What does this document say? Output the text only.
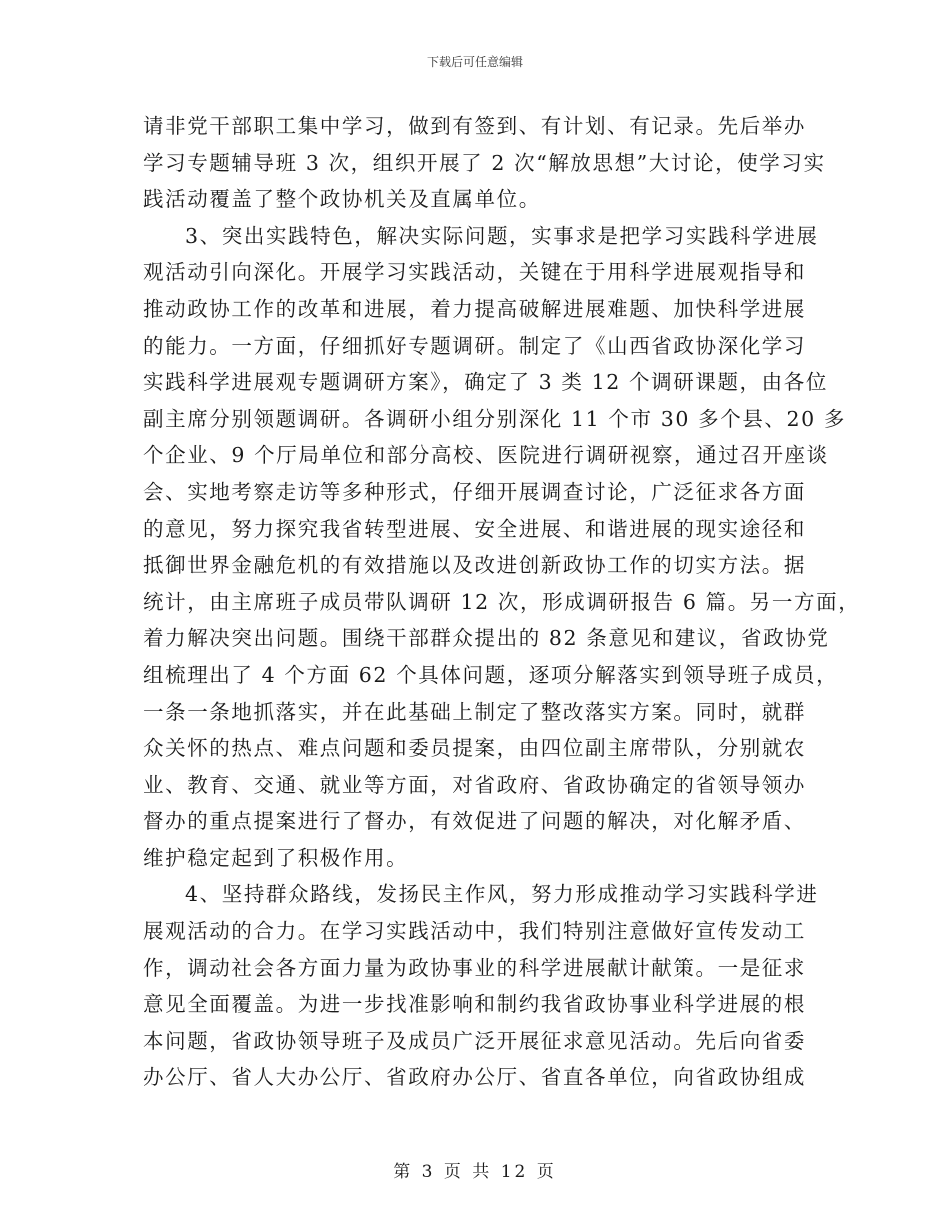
下载后可任意编辑
请非党干部职工集中学习，做到有签到、有计划、有记录。先后举办
学习专题辅导班 3 次，组织开展了 2 次“解放思想”大讨论，使学习实
践活动覆盖了整个政协机关及直属单位。
3、突出实践特色，解决实际问题，实事求是把学习实践科学进展
观活动引向深化。开展学习实践活动，关键在于用科学进展观指导和
推动政协工作的改革和进展，着力提高破解进展难题、加快科学进展
的能力。一方面，仔细抓好专题调研。制定了《山西省政协深化学习
实践科学进展观专题调研方案》，确定了 3 类 12 个调研课题，由各位
副主席分别领题调研。各调研小组分别深化 11 个市 30 多个县、20 多
个企业、9 个厅局单位和部分高校、医院进行调研视察，通过召开座谈
会、实地考察走访等多种形式，仔细开展调查讨论，广泛征求各方面
的意见，努力探究我省转型进展、安全进展、和谐进展的现实途径和
抵御世界金融危机的有效措施以及改进创新政协工作的切实方法。据
统计，由主席班子成员带队调研 12 次，形成调研报告 6 篇。另一方面，
着力解决突出问题。围绕干部群众提出的 82 条意见和建议，省政协党
组梳理出了 4 个方面 62 个具体问题，逐项分解落实到领导班子成员，
一条一条地抓落实，并在此基础上制定了整改落实方案。同时，就群
众关怀的热点、难点问题和委员提案，由四位副主席带队，分别就农
业、教育、交通、就业等方面，对省政府、省政协确定的省领导领办
督办的重点提案进行了督办，有效促进了问题的解决，对化解矛盾、
维护稳定起到了积极作用。
4、坚持群众路线，发扬民主作风，努力形成推动学习实践科学进
展观活动的合力。在学习实践活动中，我们特别注意做好宣传发动工
作，调动社会各方面力量为政协事业的科学进展献计献策。一是征求
意见全面覆盖。为进一步找准影响和制约我省政协事业科学进展的根
本问题，省政协领导班子及成员广泛开展征求意见活动。先后向省委
办公厅、省人大办公厅、省政府办公厅、省直各单位，向省政协组成
第 3 页 共 12 页
